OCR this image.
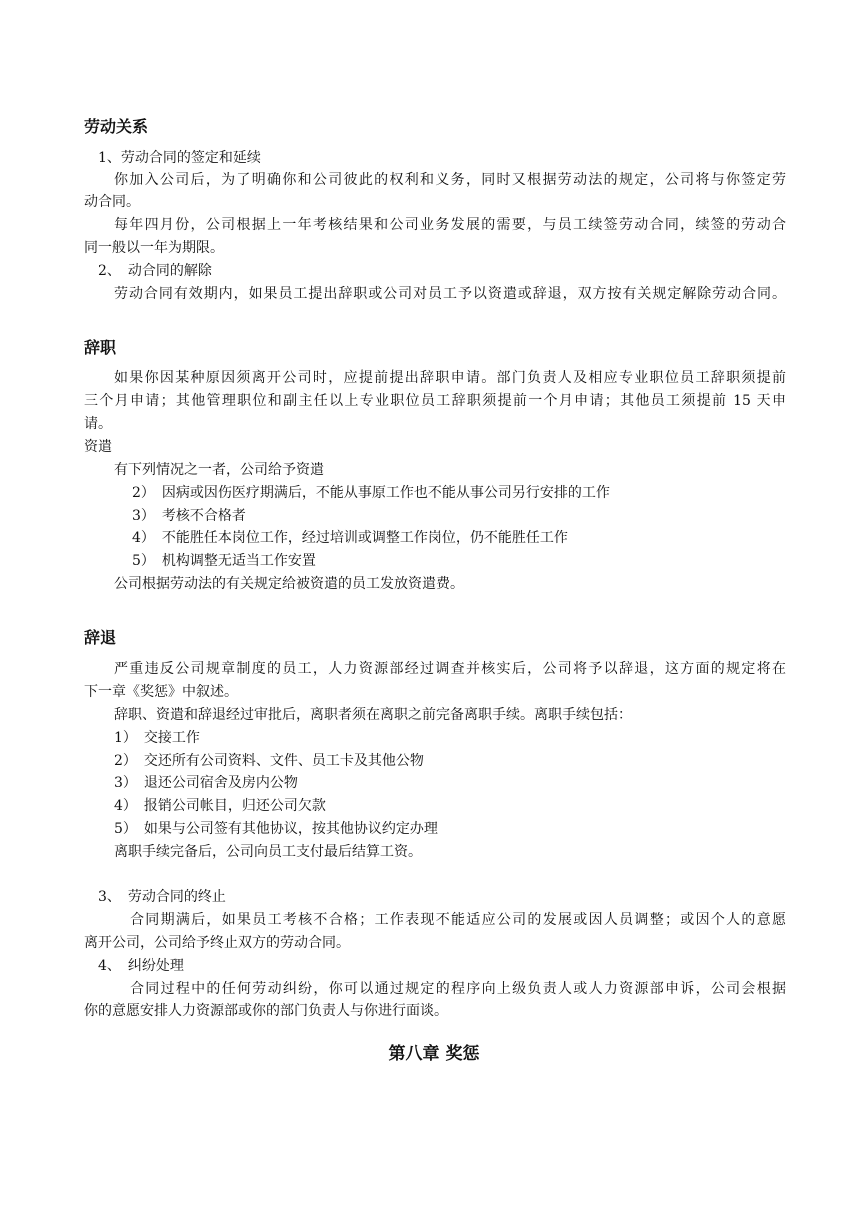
劳动关系

1、劳动合同的签定和延续

你加入公司后，为了明确你和公司彼此的权利和义务，同时又根据劳动法的规定，公司将与你签定劳

动合同。

每年四月份，公司根据上一年考核结果和公司业务发展的需要，与员工续签劳动合同，续签的劳动合

同一般以一年为期限。

2、　动合同的解除

劳动合同有效期内，如果员工提出辞职或公司对员工予以资遣或辞退，双方按有关规定解除劳动合同。

辞职

如果你因某种原因须离开公司时，应提前提出辞职申请。部门负责人及相应专业职位员工辞职须提前

三个月申请；其他管理职位和副主任以上专业职位员工辞职须提前一个月申请；其他员工须提前 15 天申

请。

资遣

有下列情况之一者，公司给予资遣

2）　因病或因伤医疗期满后，不能从事原工作也不能从事公司另行安排的工作

3）　考核不合格者

4）　不能胜任本岗位工作，经过培训或调整工作岗位，仍不能胜任工作

5）　机构调整无适当工作安置

公司根据劳动法的有关规定给被资遣的员工发放资遣费。

辞退

严重违反公司规章制度的员工，人力资源部经过调查并核实后，公司将予以辞退，这方面的规定将在

下一章《奖惩》中叙述。

辞职、资遣和辞退经过审批后，离职者须在离职之前完备离职手续。离职手续包括：

1）　交接工作

2）　交还所有公司资料、文件、员工卡及其他公物

3）　退还公司宿舍及房内公物

4）　报销公司帐目，归还公司欠款

5）　如果与公司签有其他协议，按其他协议约定办理

离职手续完备后，公司向员工支付最后结算工资。

3、　劳动合同的终止

合同期满后，如果员工考核不合格；工作表现不能适应公司的发展或因人员调整；或因个人的意愿

离开公司，公司给予终止双方的劳动合同。

4、　纠纷处理

合同过程中的任何劳动纠纷，你可以通过规定的程序向上级负责人或人力资源部申诉，公司会根据

你的意愿安排人力资源部或你的部门负责人与你进行面谈。

第八章 奖惩
